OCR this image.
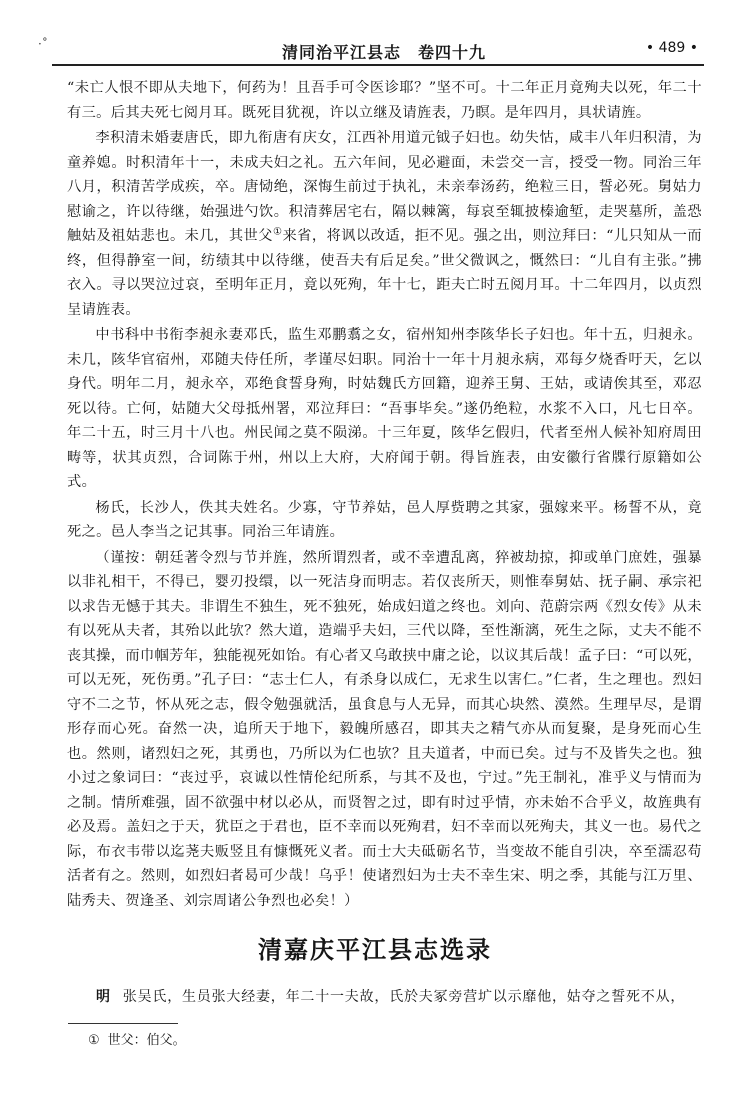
·˚	清同治平江县志　卷四十九	• 489 •

“未亡人恨不即从夫地下，何药为！且吾手可令医诊耶？”坚不可。十二年正月竟殉夫以死，年二十有三。后其夫死七阅月耳。既死目犹视，许以立继及请旌表，乃瞑。是年四月，具状请旌。

李积清未婚妻唐氏，即九衔唐有庆女，江西补用道元钺子妇也。幼失怙，咸丰八年归积清，为童养媳。时积清年十一，未成夫妇之礼。五六年间，见必避面，未尝交一言，授受一物。同治三年八月，积清苦学成疾，卒。唐恸绝，深悔生前过于执礼，未亲奉汤药，绝粒三日，誓必死。舅姑力慰谕之，许以待继，始强进勺饮。积清葬居宅右，隔以棘篱，每哀至辄披榛逾堑，走哭墓所，盖恐触姑及祖姑悲也。未几，其世父①来省，将讽以改适，拒不见。强之出，则泣拜曰：“儿只知从一而终，但得静室一间，纺绩其中以待继，使吾夫有后足矣。”世父微讽之，慨然曰：“儿自有主张。”拂衣入。寻以哭泣过哀，至明年正月，竟以死殉，年十七，距夫亡时五阅月耳。十二年四月，以贞烈呈请旌表。

中书科中书衔李昶永妻邓氏，监生邓鹏翥之女，宿州知州李陔华长子妇也。年十五，归昶永。未几，陔华官宿州，邓随夫侍任所，孝谨尽妇职。同治十一年十月昶永病，邓每夕烧香吁天，乞以身代。明年二月，昶永卒，邓绝食誓身殉，时姑魏氏方回籍，迎养王舅、王姑，或请俟其至，邓忍死以待。亡何，姑随大父母抵州署，邓泣拜曰：“吾事毕矣。”遂仍绝粒，水浆不入口，凡七日卒。年二十五，时三月十八也。州民闻之莫不陨涕。十三年夏，陔华乞假归，代者至州人候补知府周田畴等，状其贞烈，合词陈于州，州以上大府，大府闻于朝。得旨旌表，由安徽行省牒行原籍如公式。

杨氏，长沙人，佚其夫姓名。少寡，守节养姑，邑人厚赀聘之其家，强嫁来平。杨誓不从，竟死之。邑人李当之记其事。同治三年请旌。

（谨按：朝廷著令烈与节并旌，然所谓烈者，或不幸遭乱离，猝被劫掠，抑或单门庶姓，强暴以非礼相干，不得已，婴刃投缳，以一死洁身而明志。若仅丧所天，则惟奉舅姑、抚子嗣、承宗祀以求告无憾于其夫。非谓生不独生，死不独死，始成妇道之终也。刘向、范蔚宗两《烈女传》从未有以死从夫者，其殆以此欤？然大道，造端乎夫妇，三代以降，至性渐漓，死生之际，丈夫不能不丧其操，而巾帼芳年，独能视死如饴。有心者又乌敢挟中庸之论，以议其后哉！孟子曰：“可以死，可以无死，死伤勇。”孔子曰：“志士仁人，有杀身以成仁，无求生以害仁。”仁者，生之理也。烈妇守不二之节，怀从死之志，假令勉强就活，虽食息与人无异，而其心块然、漠然。生理早尽，是谓形存而心死。奋然一决，追所天于地下，毅魄所感召，即其夫之精气亦从而复聚，是身死而心生也。然则，诸烈妇之死，其勇也，乃所以为仁也欤？且夫道者，中而已矣。过与不及皆失之也。独小过之象词曰：“丧过乎，哀诚以性情伦纪所系，与其不及也，宁过。”先王制礼，准乎义与情而为之制。情所难强，固不欲强中材以必从，而贤智之过，即有时过乎情，亦未始不合乎义，故旌典有必及焉。盖妇之于天，犹臣之于君也，臣不幸而以死殉君，妇不幸而以死殉夫，其义一也。易代之际，布衣韦带以迄荛夫贩竖且有慷慨死义者。而士大夫砥砺名节，当变故不能自引决，卒至濡忍苟活者有之。然则，如烈妇者曷可少哉！乌乎！使诸烈妇为士夫不幸生宋、明之季，其能与江万里、陆秀夫、贺逢圣、刘宗周诸公争烈也必矣！）

清嘉庆平江县志选录
明 张吴氏，生员张大经妻，年二十一夫故，氏於夫冢旁营圹以示靡他，姑夺之誓死不从，
① 世父：伯父。
